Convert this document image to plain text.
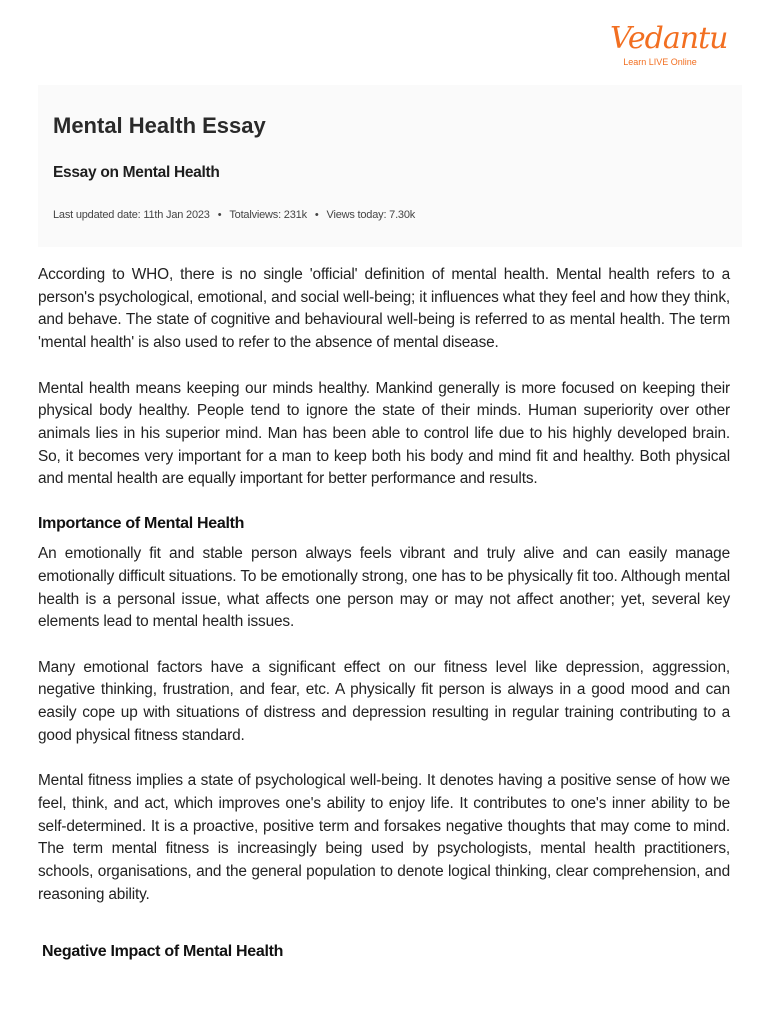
Vedantu
Learn LIVE Online
Mental Health Essay
Essay on Mental Health
Last updated date: 11th Jan 2023 • Totalviews: 231k • Views today: 7.30k

According to WHO, there is no single 'official' definition of mental health. Mental health refers to a person's psychological, emotional, and social well-being; it influences what they feel and how they think, and behave. The state of cognitive and behavioural well-being is referred to as mental health. The term 'mental health' is also used to refer to the absence of mental disease.

Mental health means keeping our minds healthy. Mankind generally is more focused on keeping their physical body healthy. People tend to ignore the state of their minds. Human superiority over other animals lies in his superior mind. Man has been able to control life due to his highly developed brain. So, it becomes very important for a man to keep both his body and mind fit and healthy. Both physical and mental health are equally important for better performance and results.

Importance of Mental Health

An emotionally fit and stable person always feels vibrant and truly alive and can easily manage emotionally difficult situations. To be emotionally strong, one has to be physically fit too. Although mental health is a personal issue, what affects one person may or may not affect another; yet, several key elements lead to mental health issues.

Many emotional factors have a significant effect on our fitness level like depression, aggression, negative thinking, frustration, and fear, etc. A physically fit person is always in a good mood and can easily cope up with situations of distress and depression resulting in regular training contributing to a good physical fitness standard.

Mental fitness implies a state of psychological well-being. It denotes having a positive sense of how we feel, think, and act, which improves one's ability to enjoy life. It contributes to one's inner ability to be self-determined. It is a proactive, positive term and forsakes negative thoughts that may come to mind. The term mental fitness is increasingly being used by psychologists, mental health practitioners, schools, organisations, and the general population to denote logical thinking, clear comprehension, and reasoning ability.

Negative Impact of Mental Health
